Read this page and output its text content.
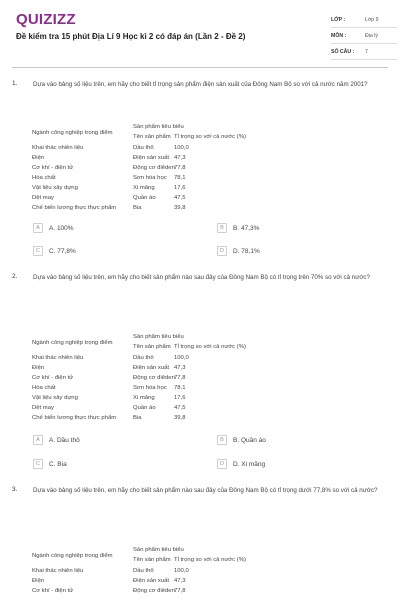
QUIZIZZ
Đề kiểm tra 15 phút Địa Lí 9 Học kì 2 có đáp án (Lần 2 - Đề 2)
LỚP :	Lớp 9
MÔN :	Địa lý
SỐ CÂU :	7
1.	Dựa vào bảng số liệu trên, em hãy cho biết tỉ trọng sản phẩm điện sản xuất của Đông Nam Bộ so với cả nước năm 2001?
Sản phẩm tiêu biểu
Ngành công nghiệp trọng điểm
Tên sản phẩm Tỉ trọng so với cả nước (%)
Khai thác nhiên liệu	Dầu thô	100,0
Điện	Điện sản xuất 47,3
Cơ khí - điện tử	Động cơ điêden 77,8
Hóa chất	Sơn hóa học 78,1
Vật liệu xây dựng	Xi măng	17,6
Dệt may	Quần áo	47,5
Chế biến lương thực thực phẩm	Bia	39,8
A	A. 100%	B	B. 47,3%
C	C. 77,8%	D	D. 78,1%
2.	Dựa vào bảng số liệu trên, em hãy cho biết sản phẩm nào sau đây của Đông Nam Bộ có tỉ trọng trên 70% so với cả nước?
Sản phẩm tiêu biểu
Ngành công nghiệp trọng điểm
Tên sản phẩm Tỉ trọng so với cả nước (%)
Khai thác nhiên liệu	Dầu thô	100,0
Điện	Điện sản xuất 47,3
Cơ khí - điện tử	Động cơ điêden 77,8
Hóa chất	Sơn hóa học 78,1
Vật liệu xây dựng	Xi măng	17,6
Dệt may	Quần áo	47,5
Chế biến lương thực thực phẩm	Bia	39,8
A	A. Dầu thô	B	B. Quần áo
C	C. Bia	D	D. Xi măng
3.	Dựa vào bảng số liệu trên, em hãy cho biết sản phẩm nào sau đây của Đông Nam Bộ có tỉ trọng dưới 77,8% so với cả nước?
Sản phẩm tiêu biểu
Ngành công nghiệp trọng điểm
Tên sản phẩm Tỉ trọng so với cả nước (%)
Khai thác nhiên liệu	Dầu thô	100,0
Điện	Điện sản xuất 47,3
Cơ khí - điện tử	Động cơ điêden 77,8
